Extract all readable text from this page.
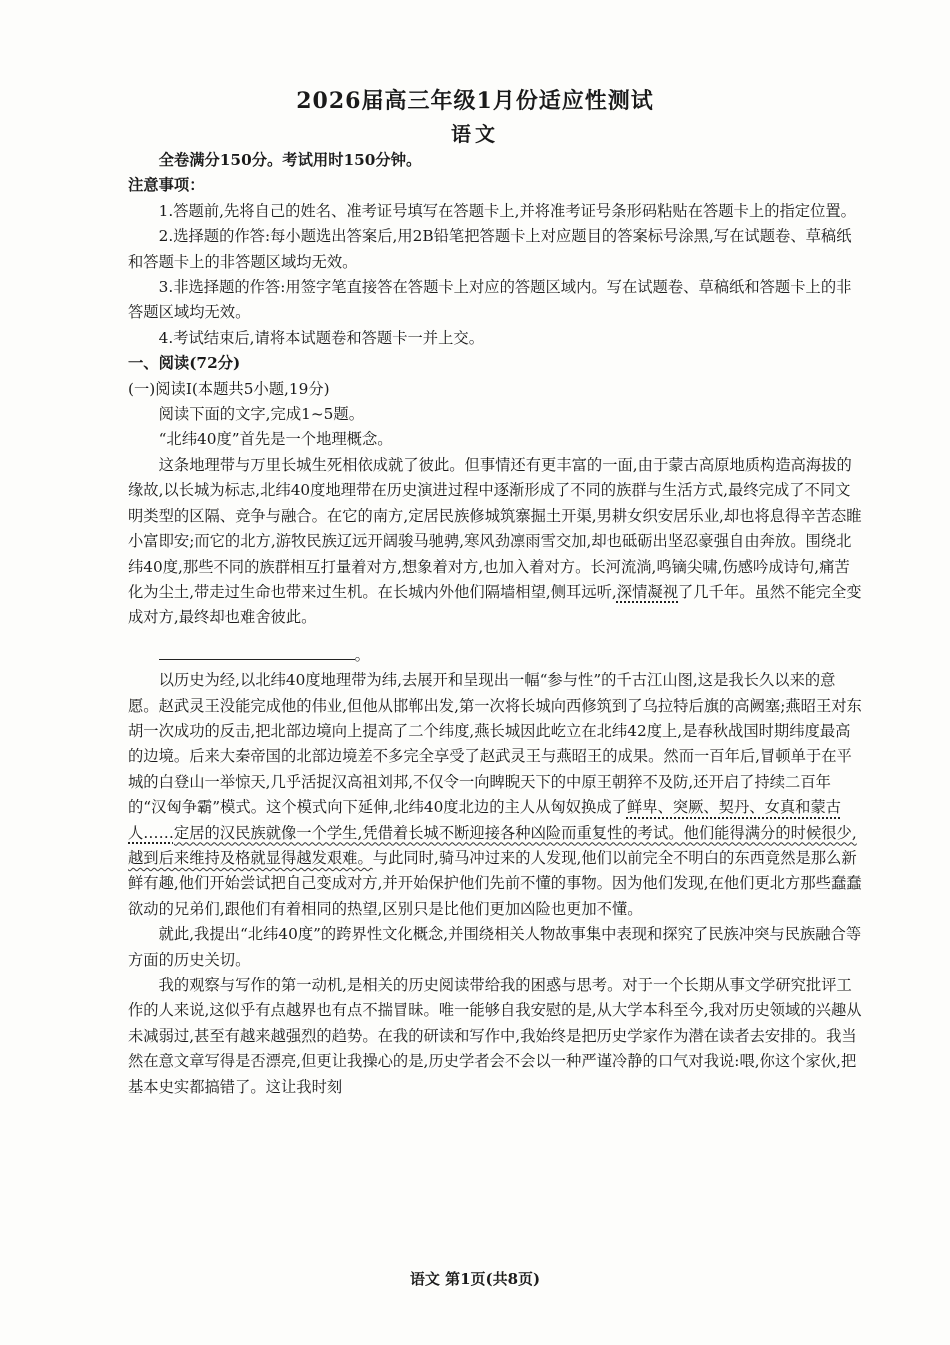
2026届高三年级1月份适应性测试
语文

全卷满分150分。考试用时150分钟。

注意事项：

1.答题前,先将自己的姓名、准考证号填写在答题卡上,并将准考证号条形码粘贴在答题卡上的指定位置。

2.选择题的作答:每小题选出答案后,用2B铅笔把答题卡上对应题目的答案标号涂黑,写在试题卷、草稿纸和答题卡上的非答题区域均无效。

3.非选择题的作答:用签字笔直接答在答题卡上对应的答题区域内。写在试题卷、草稿纸和答题卡上的非答题区域均无效。

4.考试结束后,请将本试题卷和答题卡一并上交。

一、阅读(72分)

(一)阅读Ⅰ(本题共5小题,19分)

阅读下面的文字,完成1~5题。

“北纬40度”首先是一个地理概念。

这条地理带与万里长城生死相依成就了彼此。但事情还有更丰富的一面,由于蒙古高原地质构造高海拔的缘故,以长城为标志,北纬40度地理带在历史演进过程中逐渐形成了不同的族群与生活方式,最终完成了不同文明类型的区隔、竞争与融合。在它的南方,定居民族修城筑寨掘土开渠,男耕女织安居乐业,却也将息得辛苦态睢小富即安;而它的北方,游牧民族辽远开阔骏马驰骋,寒风劲凛雨雪交加,却也砥砺出坚忍豪强自由奔放。围绕北纬40度,那些不同的族群相互打量着对方,想象着对方,也加入着对方。长河流淌,鸣镝尖啸,伤感吟成诗句,痛苦化为尘土,带走过生命也带来过生机。在长城内外他们隔墙相望,侧耳远听,深情凝视了几千年。虽然不能完全变成对方,最终却也难舍彼此。

。

以历史为经,以北纬40度地理带为纬,去展开和呈现出一幅“参与性”的千古江山图,这是我长久以来的意愿。赵武灵王没能完成他的伟业,但他从邯郸出发,第一次将长城向西修筑到了乌拉特后旗的高阙塞;燕昭王对东胡一次成功的反击,把北部边境向上提高了二个纬度,燕长城因此屹立在北纬42度上,是春秋战国时期纬度最高的边境。后来大秦帝国的北部边境差不多完全享受了赵武灵王与燕昭王的成果。然而一百年后,冒顿单于在平城的白登山一举惊天,几乎活捉汉高祖刘邦,不仅令一向睥睨天下的中原王朝猝不及防,还开启了持续二百年的“汉匈争霸”模式。这个模式向下延伸,北纬40度北边的主人从匈奴换成了鲜卑、突厥、契丹、女真和蒙古人……定居的汉民族就像一个学生,凭借着长城不断迎接各种凶险而重复性的考试。他们能得满分的时候很少,越到后来维持及格就显得越发艰难。与此同时,骑马冲过来的人发现,他们以前完全不明白的东西竟然是那么新鲜有趣,他们开始尝试把自己变成对方,并开始保护他们先前不懂的事物。因为他们发现,在他们更北方那些蠢蠢欲动的兄弟们,跟他们有着相同的热望,区别只是比他们更加凶险也更加不懂。

就此,我提出“北纬40度”的跨界性文化概念,并围绕相关人物故事集中表现和探究了民族冲突与民族融合等方面的历史关切。

我的观察与写作的第一动机,是相关的历史阅读带给我的困惑与思考。对于一个长期从事文学研究批评工作的人来说,这似乎有点越界也有点不揣冒昧。唯一能够自我安慰的是,从大学本科至今,我对历史领域的兴趣从未减弱过,甚至有越来越强烈的趋势。在我的研读和写作中,我始终是把历史学家作为潜在读者去安排的。我当然在意文章写得是否漂亮,但更让我操心的是,历史学者会不会以一种严谨冷静的口气对我说:喂,你这个家伙,把基本史实都搞错了。这让我时刻

语文 第1页(共8页)
